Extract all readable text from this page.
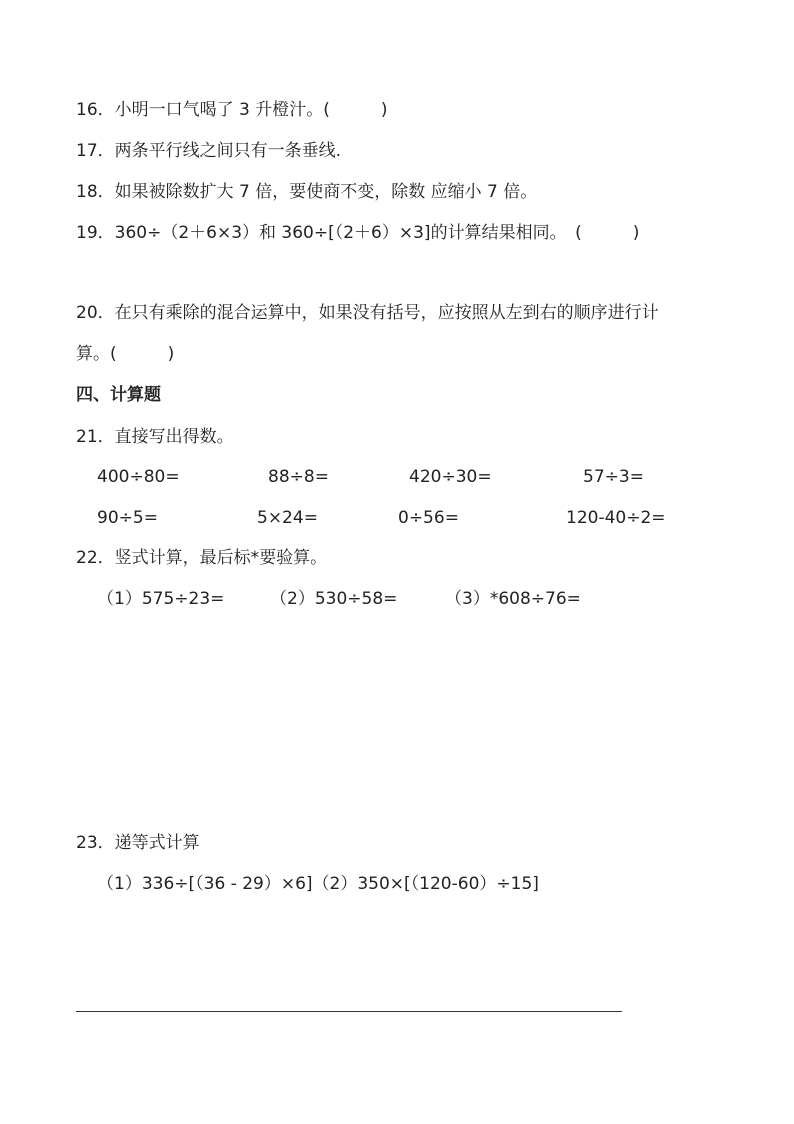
16．小明一口气喝了 3 升橙汁。(　　　)
17．两条平行线之间只有一条垂线.
18．如果被除数扩大 7 倍，要使商不变，除数 应缩小 7 倍。
19．360÷（2＋6×3）和 360÷[（2＋6）×3]的计算结果相同。　(　　　)
20．在只有乘除的混合运算中，如果没有括号，应按照从左到右的顺序进行计
算。(　　　)
四、计算题
21．直接写出得数。
400÷80=	88÷8=	420÷30=	57÷3=
90÷5=	5×24=	0÷56=	120-40÷2=
22．竖式计算，最后标*要验算。
（1）575÷23=	（2）530÷58=	（3）*608÷76=
23．递等式计算
（1）336÷[（36 - 29）×6]（2）350×[（120-60）÷15]
